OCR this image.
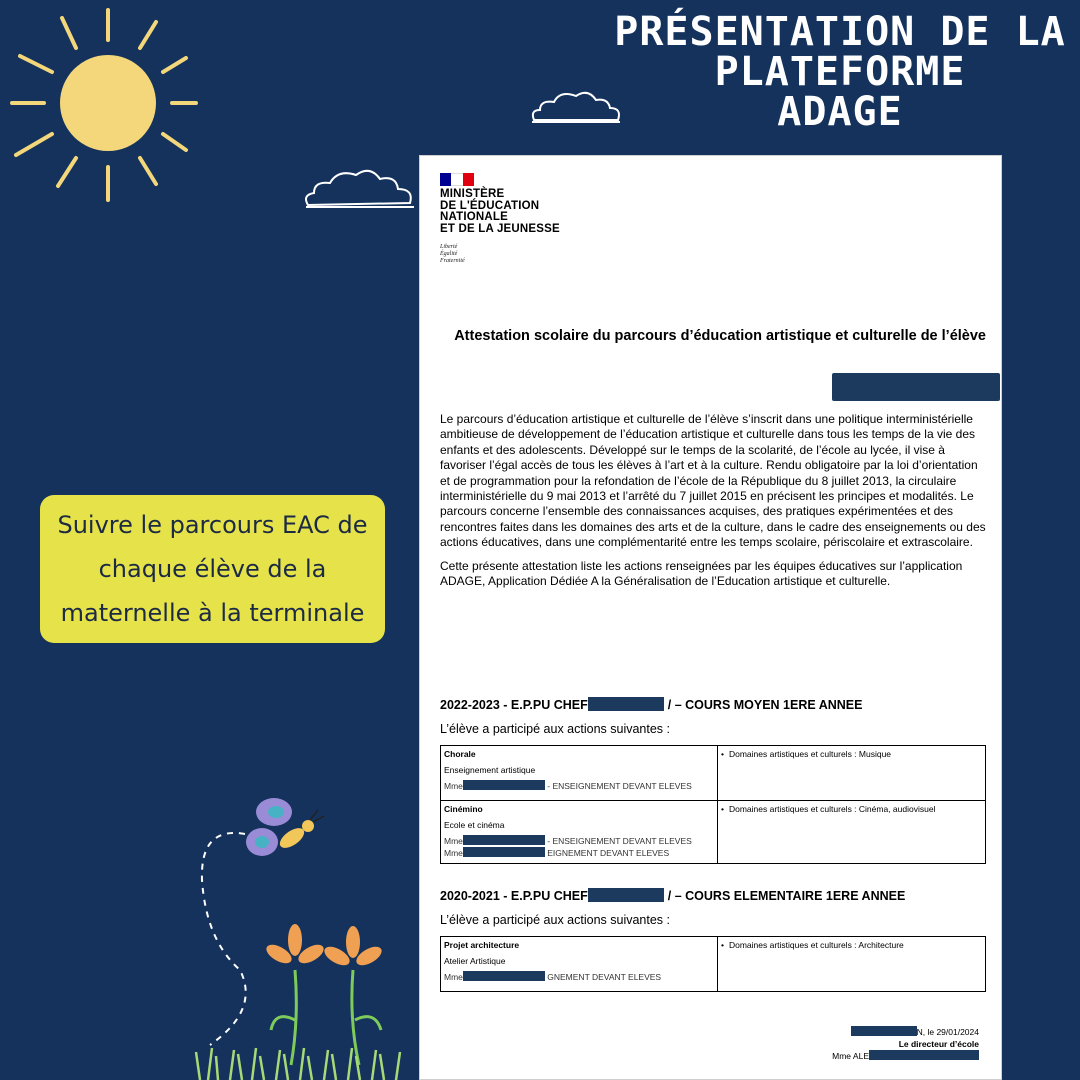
PRÉSENTATION DE LA
PLATEFORME
ADAGE
Suivre le parcours EAC de
chaque élève de la
maternelle à la terminale
MINISTÈRE
DE L'ÉDUCATION
NATIONALE
ET DE LA JEUNESSE
Liberté
Égalité
Fraternité
Attestation scolaire du parcours d’éducation artistique et culturelle de l’élève

Le parcours d’éducation artistique et culturelle de l’élève s’inscrit dans une politique interministérielle ambitieuse de développement de l’éducation artistique et culturelle dans tous les temps de la vie des enfants et des adolescents. Développé sur le temps de la scolarité, de l’école au lycée, il vise à favoriser l’égal accès de tous les élèves à l’art et à la culture. Rendu obligatoire par la loi d’orientation et de programmation pour la refondation de l’école de la République du 8 juillet 2013, la circulaire interministérielle du 9 mai 2013 et l’arrêté du 7 juillet 2015 en précisent les principes et modalités. Le parcours concerne l’ensemble des connaissances acquises, des pratiques expérimentées et des rencontres faites dans les domaines des arts et de la culture, dans le cadre des enseignements ou des actions éducatives, dans une complémentarité entre les temps scolaire, périscolaire et extrascolaire.

Cette présente attestation liste les actions renseignées par les équipes éducatives sur l’application ADAGE, Application Dédiée A la Généralisation de l’Education artistique et culturelle.

2022-2023 - E.P.PU CHEF	/ – COURS MOYEN 1ERE ANNEE
L’élève a participé aux actions suivantes :
Chorale
Enseignement artistique
Mme - ENSEIGNEMENT DEVANT ELEVES	• Domaines artistiques et culturels : Musique

Cinémino
Ecole et cinéma
Mme - ENSEIGNEMENT DEVANT ELEVES
Mme EIGNEMENT DEVANT ELEVES	• Domaines artistiques et culturels : Cinéma, audiovisuel
2020-2021 - E.P.PU CHEF	/ – COURS ELEMENTAIRE 1ERE ANNEE
L’élève a participé aux actions suivantes :
Projet architecture
Atelier Artistique
Mme	GNEMENT DEVANT ELEVES
	• Domaines artistiques et culturels : Architecture
N, le 29/01/2024

Le directeur d’école
Mme ALE
